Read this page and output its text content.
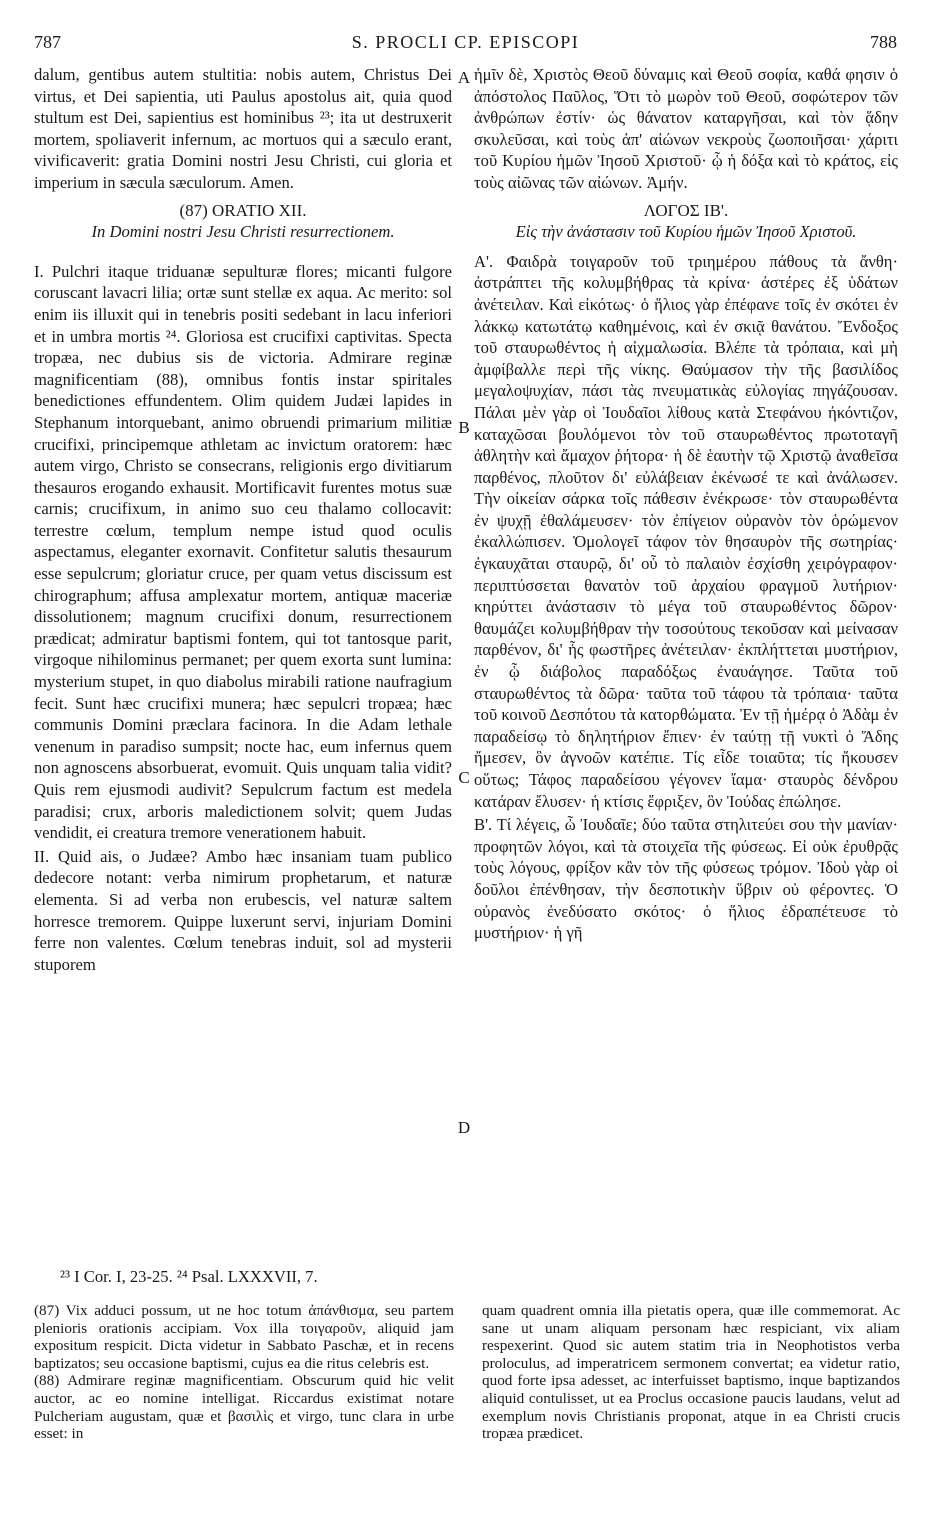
787	S. PROCLI CP. EPISCOPI	788

dalum, gentibus autem stultitia: nobis autem, Christus Dei virtus, et Dei sapientia, uti Paulus apostolus ait, quia quod stultum est Dei, sapientius est hominibus ²³; ita ut destruxerit mortem, spoliaverit infernum, ac mortuos qui a sæculo erant, vivificaverit: gratia Domini nostri Jesu Christi, cui gloria et imperium in sæcula sæculorum. Amen.

(87) ORATIO XII.

In Domini nostri Jesu Christi resurrectionem.

I. Pulchri itaque triduanæ sepulturæ flores; micanti fulgore coruscant lavacri lilia; ortæ sunt stellæ ex aqua. Ac merito: sol enim iis illuxit qui in tenebris positi sedebant in lacu inferiori et in umbra mortis ²⁴. Gloriosa est crucifixi captivitas. Specta tropæa, nec dubius sis de victoria. Admirare reginæ magnificentiam (88), omnibus fontis instar spiritales benedictiones effundentem. Olim quidem Judæi lapides in Stephanum intorquebant, animo obruendi primarium militiæ crucifixi, principemque athletam ac invictum oratorem: hæc autem virgo, Christo se consecrans, religionis ergo divitiarum thesauros erogando exhausit. Mortificavit furentes motus suæ carnis; crucifixum, in animo suo ceu thalamo collocavit: terrestre cœlum, templum nempe istud quod oculis aspectamus, eleganter exornavit. Confitetur salutis thesaurum esse sepulcrum; gloriatur cruce, per quam vetus discissum est chirographum; affusa amplexatur mortem, antiquæ maceriæ dissolutionem; magnum crucifixi donum, resurrectionem prædicat; admiratur baptismi fontem, qui tot tantosque parit, virgoque nihilominus permanet; per quem exorta sunt lumina: mysterium stupet, in quo diabolus mirabili ratione naufragium fecit. Sunt hæc crucifixi munera; hæc sepulcri tropæa; hæc communis Domini præclara facinora. In die Adam lethale venenum in paradiso sumpsit; nocte hac, eum infernus quem non agnoscens absorbuerat, evomuit. Quis unquam talia vidit? Quis rem ejusmodi audivit? Sepulcrum factum est medela paradisi; crux, arboris maledictionem solvit; quem Judas vendidit, ei creatura tremore venerationem habuit.

II. Quid ais, o Judæe? Ambo hæc insaniam tuam publico dedecore notant: verba nimirum prophetarum, et naturæ elementa. Si ad verba non erubescis, vel naturæ saltem horresce tremorem. Quippe luxerunt servi, injuriam Domini ferre non valentes. Cœlum tenebras induit, sol ad mysterii stuporem

ἡμῖν δὲ, Χριστὸς Θεοῦ δύναμις καὶ Θεοῦ σοφία, καθά φησιν ὁ ἀπόστολος Παῦλος, Ὅτι τὸ μωρὸν τοῦ Θεοῦ, σοφώτερον τῶν ἀνθρώπων ἐστίν· ὡς θάνατον καταργῆσαι, καὶ τὸν ᾅδην σκυλεῦσαι, καὶ τοὺς ἀπ' αἰώνων νεκροὺς ζωοποιῆσαι· χάριτι τοῦ Κυρίου ἡμῶν Ἰησοῦ Χριστοῦ· ᾧ ἡ δόξα καὶ τὸ κράτος, εἰς τοὺς αἰῶνας τῶν αἰώνων. Ἀμήν.

ΛΟΓΟΣ ΙΒ'.

Εἰς τὴν ἀνάστασιν τοῦ Κυρίου ἡμῶν Ἰησοῦ Χριστοῦ.

Α'. Φαιδρὰ τοιγαροῦν τοῦ τριημέρου πάθους τὰ ἄνθη· ἀστράπτει τῆς κολυμβήθρας τὰ κρίνα· ἀστέρες ἐξ ὑδάτων ἀνέτειλαν. Καὶ εἰκότως· ὁ ἥλιος γὰρ ἐπέφανε τοῖς ἐν σκότει ἐν λάκκῳ κατωτάτῳ καθημένοις, καὶ ἐν σκιᾷ θανάτου. Ἔνδοξος τοῦ σταυρωθέντος ἡ αἰχμαλωσία. Βλέπε τὰ τρόπαια, καὶ μὴ ἀμφίβαλλε περὶ τῆς νίκης. Θαύμασον τὴν τῆς βασιλίδος μεγαλοψυχίαν, πάσι τὰς πνευματικὰς εὐλογίας πηγάζουσαν. Πάλαι μὲν γὰρ οἱ Ἰουδαῖοι λίθους κατὰ Στεφάνου ἠκόντιζον, καταχῶσαι βουλόμενοι τὸν τοῦ σταυρωθέντος πρωτοταγῆ ἀθλητὴν καὶ ἄμαχον ῥήτορα· ἡ δὲ ἑαυτὴν τῷ Χριστῷ ἀναθεῖσα παρθένος, πλοῦτον δι' εὐλάβειαν ἐκένωσέ τε καὶ ἀνάλωσεν. Τὴν οἰκείαν σάρκα τοῖς πάθεσιν ἐνέκρωσε· τὸν σταυρωθέντα ἐν ψυχῇ ἐθαλάμευσεν· τὸν ἐπίγειον οὐρανὸν τὸν ὁρώμενον ἐκαλλώπισεν. Ὁμολογεῖ τάφον τὸν θησαυρὸν τῆς σωτηρίας· ἐγκαυχᾶται σταυρῷ, δι' οὗ τὸ παλαιὸν ἐσχίσθη χειρόγραφον· περιπτύσσεται θανατὸν τοῦ ἀρχαίου φραγμοῦ λυτήριον· κηρύττει ἀνάστασιν τὸ μέγα τοῦ σταυρωθέντος δῶρον· θαυμάζει κολυμβήθραν τὴν τοσούτους τεκοῦσαν καὶ μείνασαν παρθένον, δι' ἧς φωστῆρες ἀνέτειλαν· ἐκπλήττεται μυστήριον, ἐν ᾧ διάβολος παραδόξως ἐναυάγησε. Ταῦτα τοῦ σταυρωθέντος τὰ δῶρα· ταῦτα τοῦ τάφου τὰ τρόπαια· ταῦτα τοῦ κοινοῦ Δεσπότου τὰ κατορθώματα. Ἐν τῇ ἡμέρᾳ ὁ Ἀδὰμ ἐν παραδείσῳ τὸ δηλητήριον ἔπιεν· ἐν ταύτῃ τῇ νυκτὶ ὁ Ἅδης ἤμεσεν, ὃν ἀγνοῶν κατέπιε. Τίς εἶδε τοιαῦτα; τίς ἤκουσεν οὕτως; Τάφος παραδείσου γέγονεν ἴαμα· σταυρὸς δένδρου κατάραν ἔλυσεν· ἡ κτίσις ἔφριξεν, ὃν Ἰούδας ἐπώλησε.

Β'. Τί λέγεις, ὦ Ἰουδαῖε; δύο ταῦτα στηλιτεύει σου τὴν μανίαν· προφητῶν λόγοι, καὶ τὰ στοιχεῖα τῆς φύσεως. Εἰ οὐκ ἐρυθρᾷς τοὺς λόγους, φρίξον κἂν τὸν τῆς φύσεως τρόμον. Ἰδοὺ γὰρ οἱ δοῦλοι ἐπένθησαν, τὴν δεσποτικὴν ὕβριν οὐ φέροντες. Ὁ οὐρανὸς ἐνεδύσατο σκότος· ὁ ἥλιος ἐδραπέτευσε τὸ μυστήριον· ἡ γῆ

A
B
C
D
²³ I Cor. I, 23-25. ²⁴ Psal. LXXXVII, 7.

(87) Vix adduci possum, ut ne hoc totum ἀπάνθισμα, seu partem plenioris orationis accipiam. Vox illa τοιγαροῦν, aliquid jam expositum respicit. Dicta videtur in Sabbato Paschæ, et in recens baptizatos; seu occasione baptismi, cujus ea die ritus celebris est.

(88) Admirare reginæ magnificentiam. Obscurum quid hic velit auctor, ac eo nomine intelligat. Riccardus existimat notare Pulcheriam augustam, quæ et βασιλὶς et virgo, tunc clara in urbe esset: in

quam quadrent omnia illa pietatis opera, quæ ille commemorat. Ac sane ut unam aliquam personam hæc respiciant, vix aliam respexerint. Quod sic autem statim tria in Neophotistos verba proloculus, ad imperatricem sermonem convertat; ea videtur ratio, quod forte ipsa adesset, ac interfuisset baptismo, inque baptizandos aliquid contulisset, ut ea Proclus occasione paucis laudans, velut ad exemplum novis Christianis proponat, atque in ea Christi crucis tropæa prædicet.
